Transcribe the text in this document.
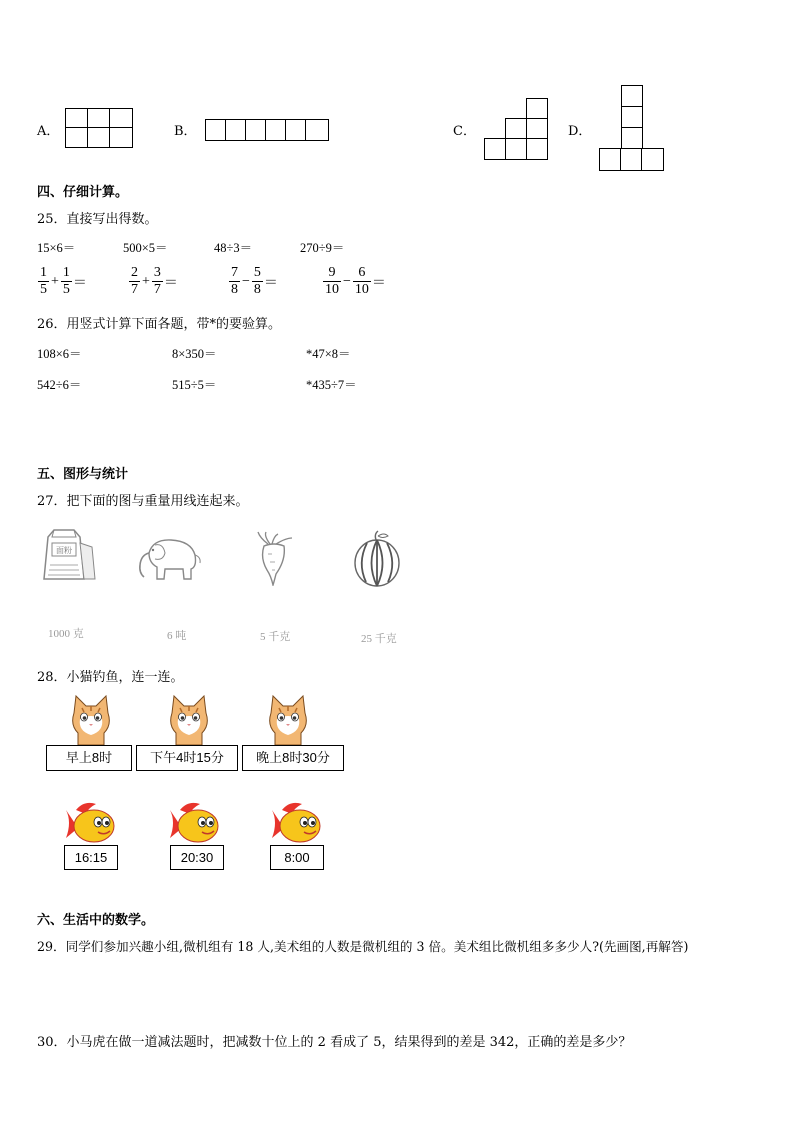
A．	B．	C．	D．
四、仔细计算。
25．直接写出得数。
15×6＝	500×5＝	48÷3＝	270÷9＝
1
5
+
1
5 ＝
2
7
+
3
7 ＝
7
8
−
5
8 ＝
9
10
−
6
10 ＝
26．用竖式计算下面各题，带*的要验算。
108×6＝	8×350＝	*47×8＝
542÷6＝	515÷5＝	*435÷7＝
五、图形与统计
27．把下面的图与重量用线连起来。
面粉
1000 克	6 吨	5 千克	25 千克
28．小猫钓鱼，连一连。
早上8时	下午4时15分	晚上8时30分
16:15	20:30	8:00
六、生活中的数学。
29．同学们参加兴趣小组,微机组有 18 人,美术组的人数是微机组的 3 倍。美术组比微机组多多少人?(先画图,再解答)
30．小马虎在做一道减法题时，把减数十位上的 2 看成了 5，结果得到的差是 342，正确的差是多少？
